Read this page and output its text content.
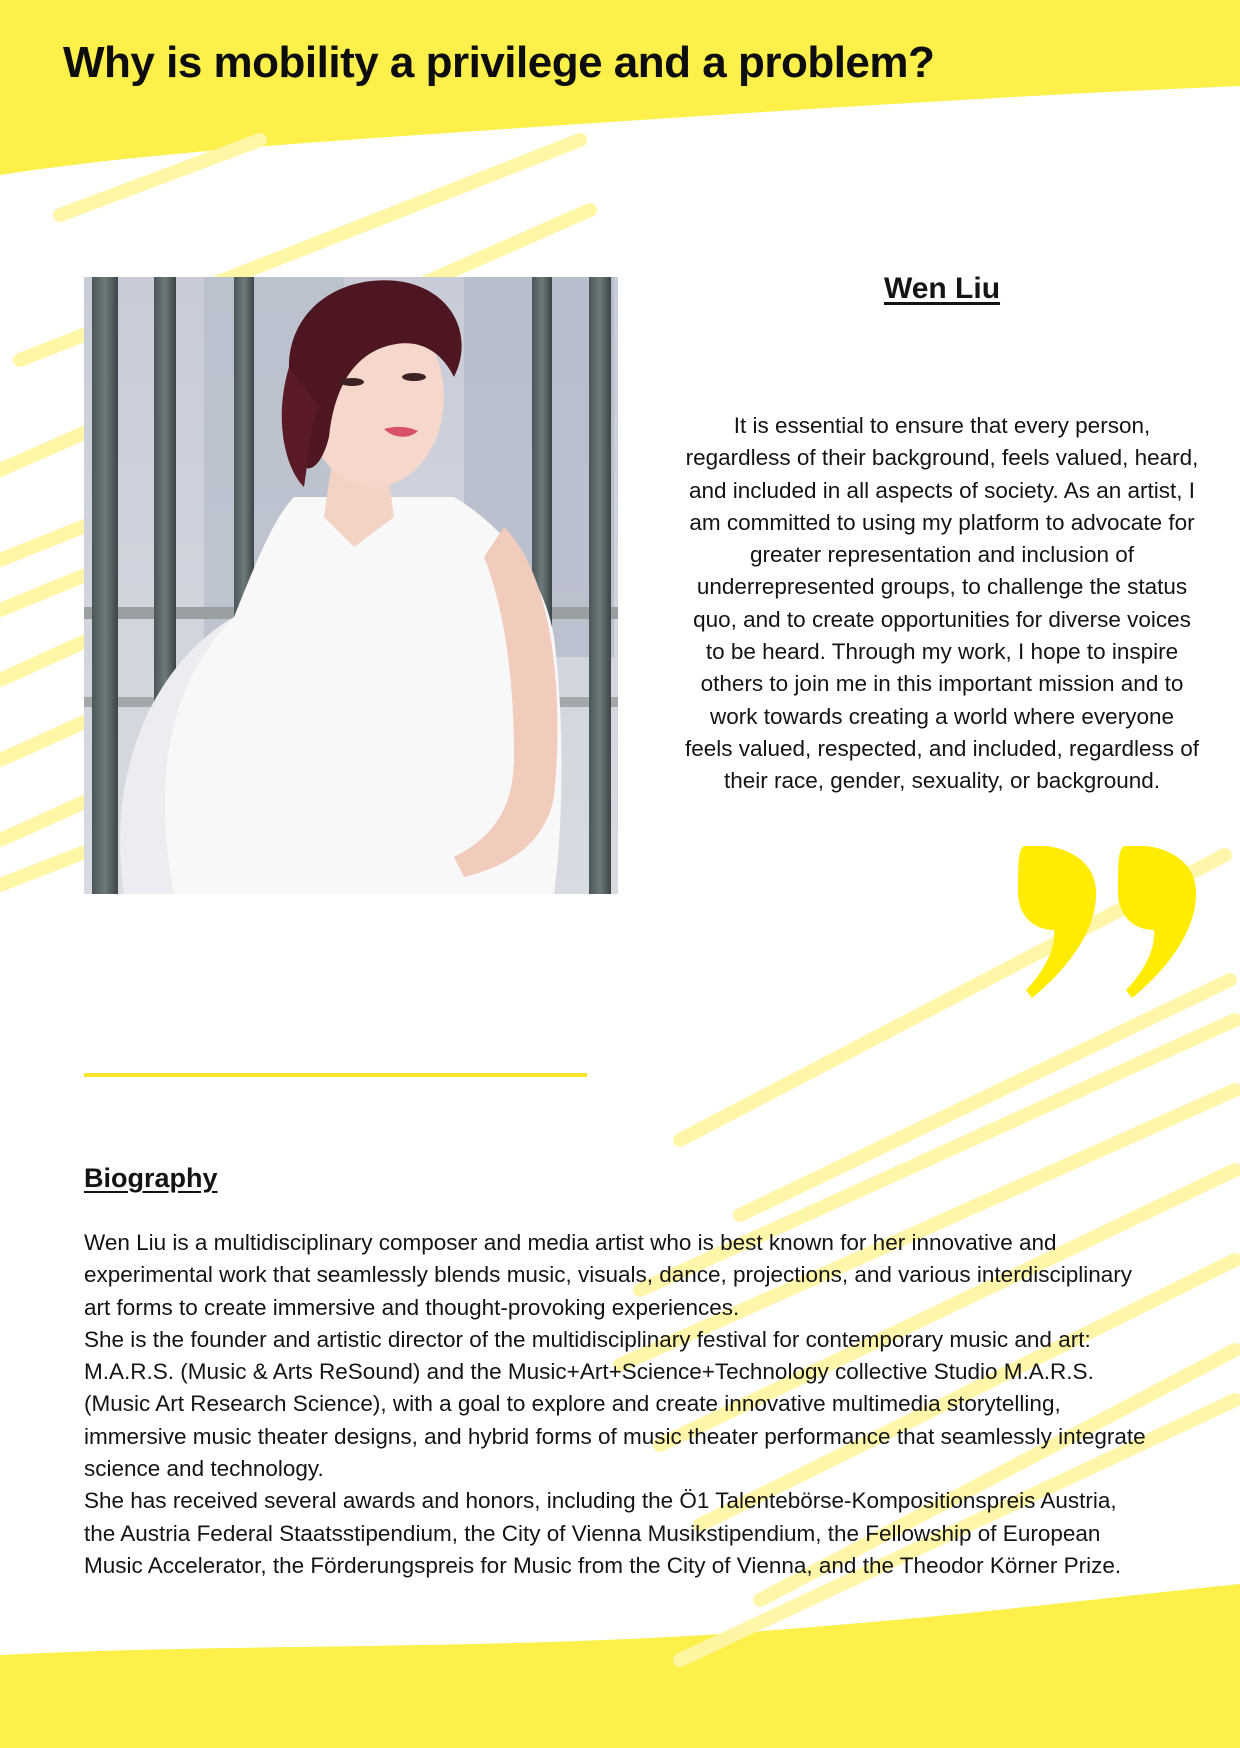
Why is mobility a privilege and a problem?
Wen Liu

It is essential to ensure that every person, regardless of their background, feels valued, heard, and included in all aspects of society. As an artist, I am committed to using my platform to advocate for greater representation and inclusion of underrepresented groups, to challenge the status quo, and to create opportunities for diverse voices to be heard. Through my work, I hope to inspire others to join me in this important mission and to work towards creating a world where everyone feels valued, respected, and included, regardless of their race, gender, sexuality, or background.

Biography

Wen Liu is a multidisciplinary composer and media artist who is best known for her innovative and experimental work that seamlessly blends music, visuals, dance, projections, and various interdisciplinary art forms to create immersive and thought-provoking experiences.

She is the founder and artistic director of the multidisciplinary festival for contemporary music and art: M.A.R.S. (Music & Arts ReSound) and the Music+Art+Science+Technology collective Studio M.A.R.S. (Music Art Research Science), with a goal to explore and create innovative multimedia storytelling, immersive music theater designs, and hybrid forms of music theater performance that seamlessly integrate science and technology.

She has received several awards and honors, including the Ö1 Talentebörse-Kompositionspreis Austria, the Austria Federal Staatsstipendium, the City of Vienna Musikstipendium, the Fellowship of European Music Accelerator, the Förderungspreis for Music from the City of Vienna, and the Theodor Körner Prize.
